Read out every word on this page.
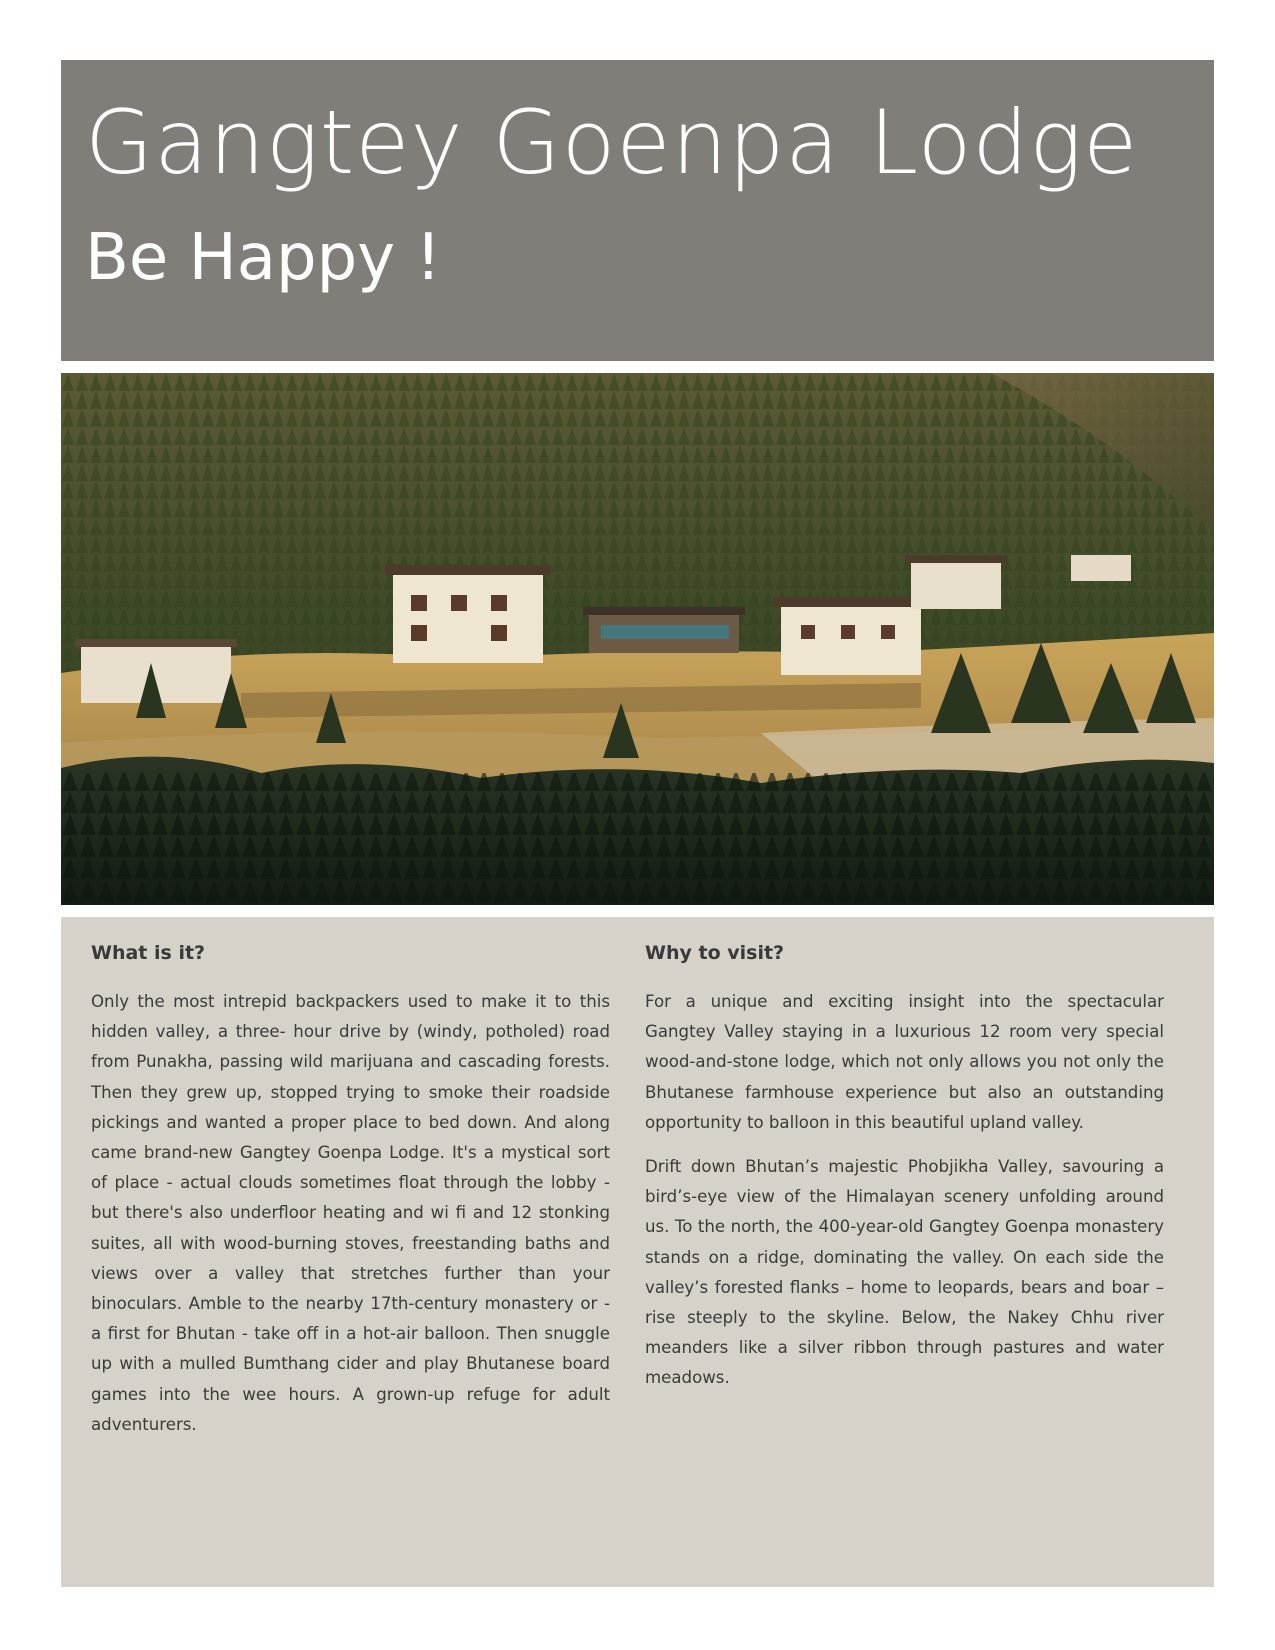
Gangtey Goenpa Lodge
Be Happy !
What is it?

Only the most intrepid backpackers used to make it to this hidden valley, a three- hour drive by (windy, potholed) road from Punakha, passing wild marijuana and cascading forests. Then they grew up, stopped trying to smoke their roadside pickings and wanted a proper place to bed down. And along came brand-new Gangtey Goenpa Lodge. It's a mystical sort of place - actual clouds sometimes float through the lobby - but there's also underfloor heating and wi fi and 12 stonking suites, all with wood-burning stoves, freestanding baths and views over a valley that stretches further than your binoculars. Amble to the nearby 17th-century monastery or - a first for Bhutan - take off in a hot-air balloon. Then snuggle up with a mulled Bumthang cider and play Bhutanese board games into the wee hours. A grown-up refuge for adult adventurers.

Why to visit?

For a unique and exciting insight into the spectacular Gangtey Valley staying in a luxurious 12 room very special wood-and-stone lodge, which not only allows you not only the Bhutanese farmhouse experience but also an outstanding opportunity to balloon in this beautiful upland valley.

Drift down Bhutan’s majestic Phobjikha Valley, savouring a bird’s-eye view of the Himalayan scenery unfolding around us. To the north, the 400-year-old Gangtey Goenpa monastery stands on a ridge, dominating the valley. On each side the valley’s forested flanks – home to leopards, bears and boar – rise steeply to the skyline. Below, the Nakey Chhu river meanders like a silver ribbon through pastures and water meadows.
